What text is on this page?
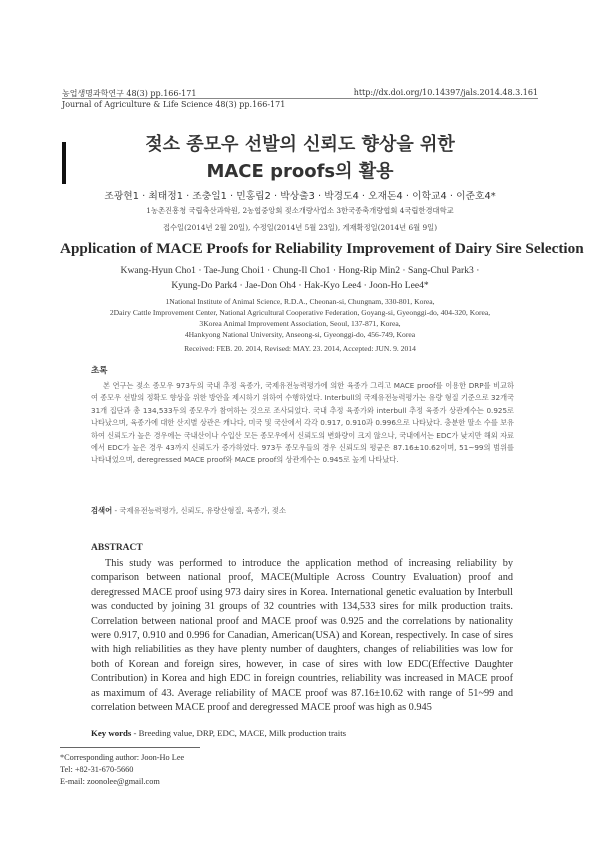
농업생명과학연구 48(3) pp.166-171	http://dx.doi.org/10.14397/jals.2014.48.3.161
Journal of Agriculture & Life Science 48(3) pp.166-171
젖소 종모우 선발의 신뢰도 향상을 위한
MACE proofs의 활용
조광현1 · 최태정1 · 조충일1 · 민홍립2 · 박상출3 · 박경도4 · 오재돈4 · 이학교4 · 이준호4*
1농촌진흥청 국립축산과학원, 2농협중앙회 젖소개량사업소 3한국종축개량협회 4국립한경대학교
접수일(2014년 2월 20일), 수정일(2014년 5월 23일), 게재확정일(2014년 6월 9일)
Application of MACE Proofs for Reliability Improvement of Dairy Sire Selection
Kwang-Hyun Cho1 · Tae-Jung Choi1 · Chung-Il Cho1 · Hong-Rip Min2 · Sang-Chul Park3 ·
Kyung-Do Park4 · Jae-Don Oh4 · Hak-Kyo Lee4 · Joon-Ho Lee4*
1National Institute of Animal Science, R.D.A., Cheonan-si, Chungnam, 330-801, Korea,
2Dairy Cattle Improvement Center, National Agricultural Cooperative Federation, Goyang-si, Gyeonggi-do, 404-320, Korea,
3Korea Animal Improvement Association, Seoul, 137-871, Korea,
4Hankyong National University, Anseong-si, Gyeonggi-do, 456-749, Korea
Received: FEB. 20. 2014, Revised: MAY. 23. 2014, Accepted: JUN. 9. 2014
초록

본 연구는 젖소 종모우 973두의 국내 추정 육종가, 국제유전능력평가에 의한 육종가 그리고 MACE proof를 이용한 DRP를 비교하여 종모우 선발의 정확도 향상을 위한 방안을 제시하기 위하여 수행하였다. Interbull의 국제유전능력평가는 유량 형질 기준으로 32개국 31개 집단과 총 134,533두의 종모우가 참여하는 것으로 조사되었다. 국내 추정 육종가와 interbull 추정 육종가 상관계수는 0.925로 나타났으며, 육종가에 대한 산지별 상관은 캐나다, 미국 및 국산에서 각각 0.917, 0.910과 0.996으로 나타났다. 충분한 딸소 수를 보유하여 신뢰도가 높은 경우에는 국내산이나 수입산 모든 종모우에서 신뢰도의 변화량이 크지 않으나, 국내에서는 EDC가 낮지만 해외 자료에서 EDC가 높은 경우 43까지 신뢰도가 증가하였다. 973두 종모우들의 경우 신뢰도의 평균은 87.16±10.62이며, 51~99의 범위를 나타내었으며, deregressed MACE proof와 MACE proof의 상관계수는 0.945로 높게 나타났다.

검색어 - 국제유전능력평가, 신뢰도, 유량산형질, 육종가, 젖소
ABSTRACT

This study was performed to introduce the application method of increasing reliability by comparison between national proof, MACE(Multiple Across Country Evaluation) proof and deregressed MACE proof using 973 dairy sires in Korea. International genetic evaluation by Interbull was conducted by joining 31 groups of 32 countries with 134,533 sires for milk production traits. Correlation between national proof and MACE proof was 0.925 and the correlations by nationality were 0.917, 0.910 and 0.996 for Canadian, American(USA) and Korean, respectively. In case of sires with high reliabilities as they have plenty number of daughters, changes of reliabilities was low for both of Korean and foreign sires, however, in case of sires with low EDC(Effective Daughter Contribution) in Korea and high EDC in foreign countries, reliability was increased in MACE proof as maximum of 43. Average reliability of MACE proof was 87.16±10.62 with range of 51~99 and correlation between MACE proof and deregressed MACE proof was high as 0.945

Key words - Breeding value, DRP, EDC, MACE, Milk production traits
*Corresponding author: Joon-Ho Lee
Tel: +82-31-670-5660
E-mail: zoonolee@gmail.com
